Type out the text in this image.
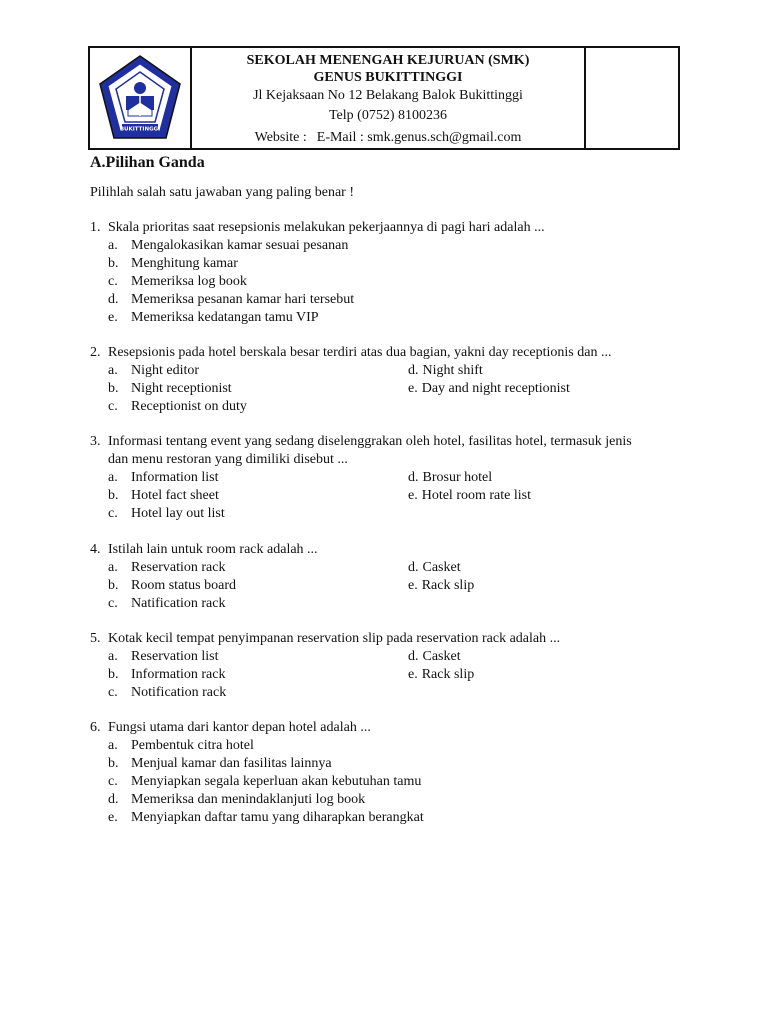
BUKITTINGGI
SEKOLAH MENENGAH KEJURUAN (SMK)
GENUS BUKITTINGGI
Jl Kejaksaan No 12 Belakang Balok Bukittinggi
Telp (0752) 8100236
Website : E-Mail : smk.genus.sch@gmail.com
A.Pilihan Ganda
Pilihlah salah satu jawaban yang paling benar !
1. Skala prioritas saat resepsionis melakukan pekerjaannya di pagi hari adalah ...
a. Mengalokasikan kamar sesuai pesanan
b. Menghitung kamar
c. Memeriksa log book
d. Memeriksa pesanan kamar hari tersebut
e. Memeriksa kedatangan tamu VIP
2. Resepsionis pada hotel berskala besar terdiri atas dua bagian, yakni day receptionis dan ...
a. Night editor	d. Night shift
b. Night receptionist	e. Day and night receptionist
c. Receptionist on duty
3. Informasi tentang event yang sedang diselenggrakan oleh hotel, fasilitas hotel, termasuk jenis
dan menu restoran yang dimiliki disebut ...
a. Information list	d. Brosur hotel
b. Hotel fact sheet	e. Hotel room rate list
c. Hotel lay out list
4. Istilah lain untuk room rack adalah ...
a. Reservation rack	d. Casket
b. Room status board	e. Rack slip
c. Natification rack
5. Kotak kecil tempat penyimpanan reservation slip pada reservation rack adalah ...
a. Reservation list	d. Casket
b. Information rack	e. Rack slip
c. Notification rack
6. Fungsi utama dari kantor depan hotel adalah ...
a. Pembentuk citra hotel
b. Menjual kamar dan fasilitas lainnya
c. Menyiapkan segala keperluan akan kebutuhan tamu
d. Memeriksa dan menindaklanjuti log book
e. Menyiapkan daftar tamu yang diharapkan berangkat
